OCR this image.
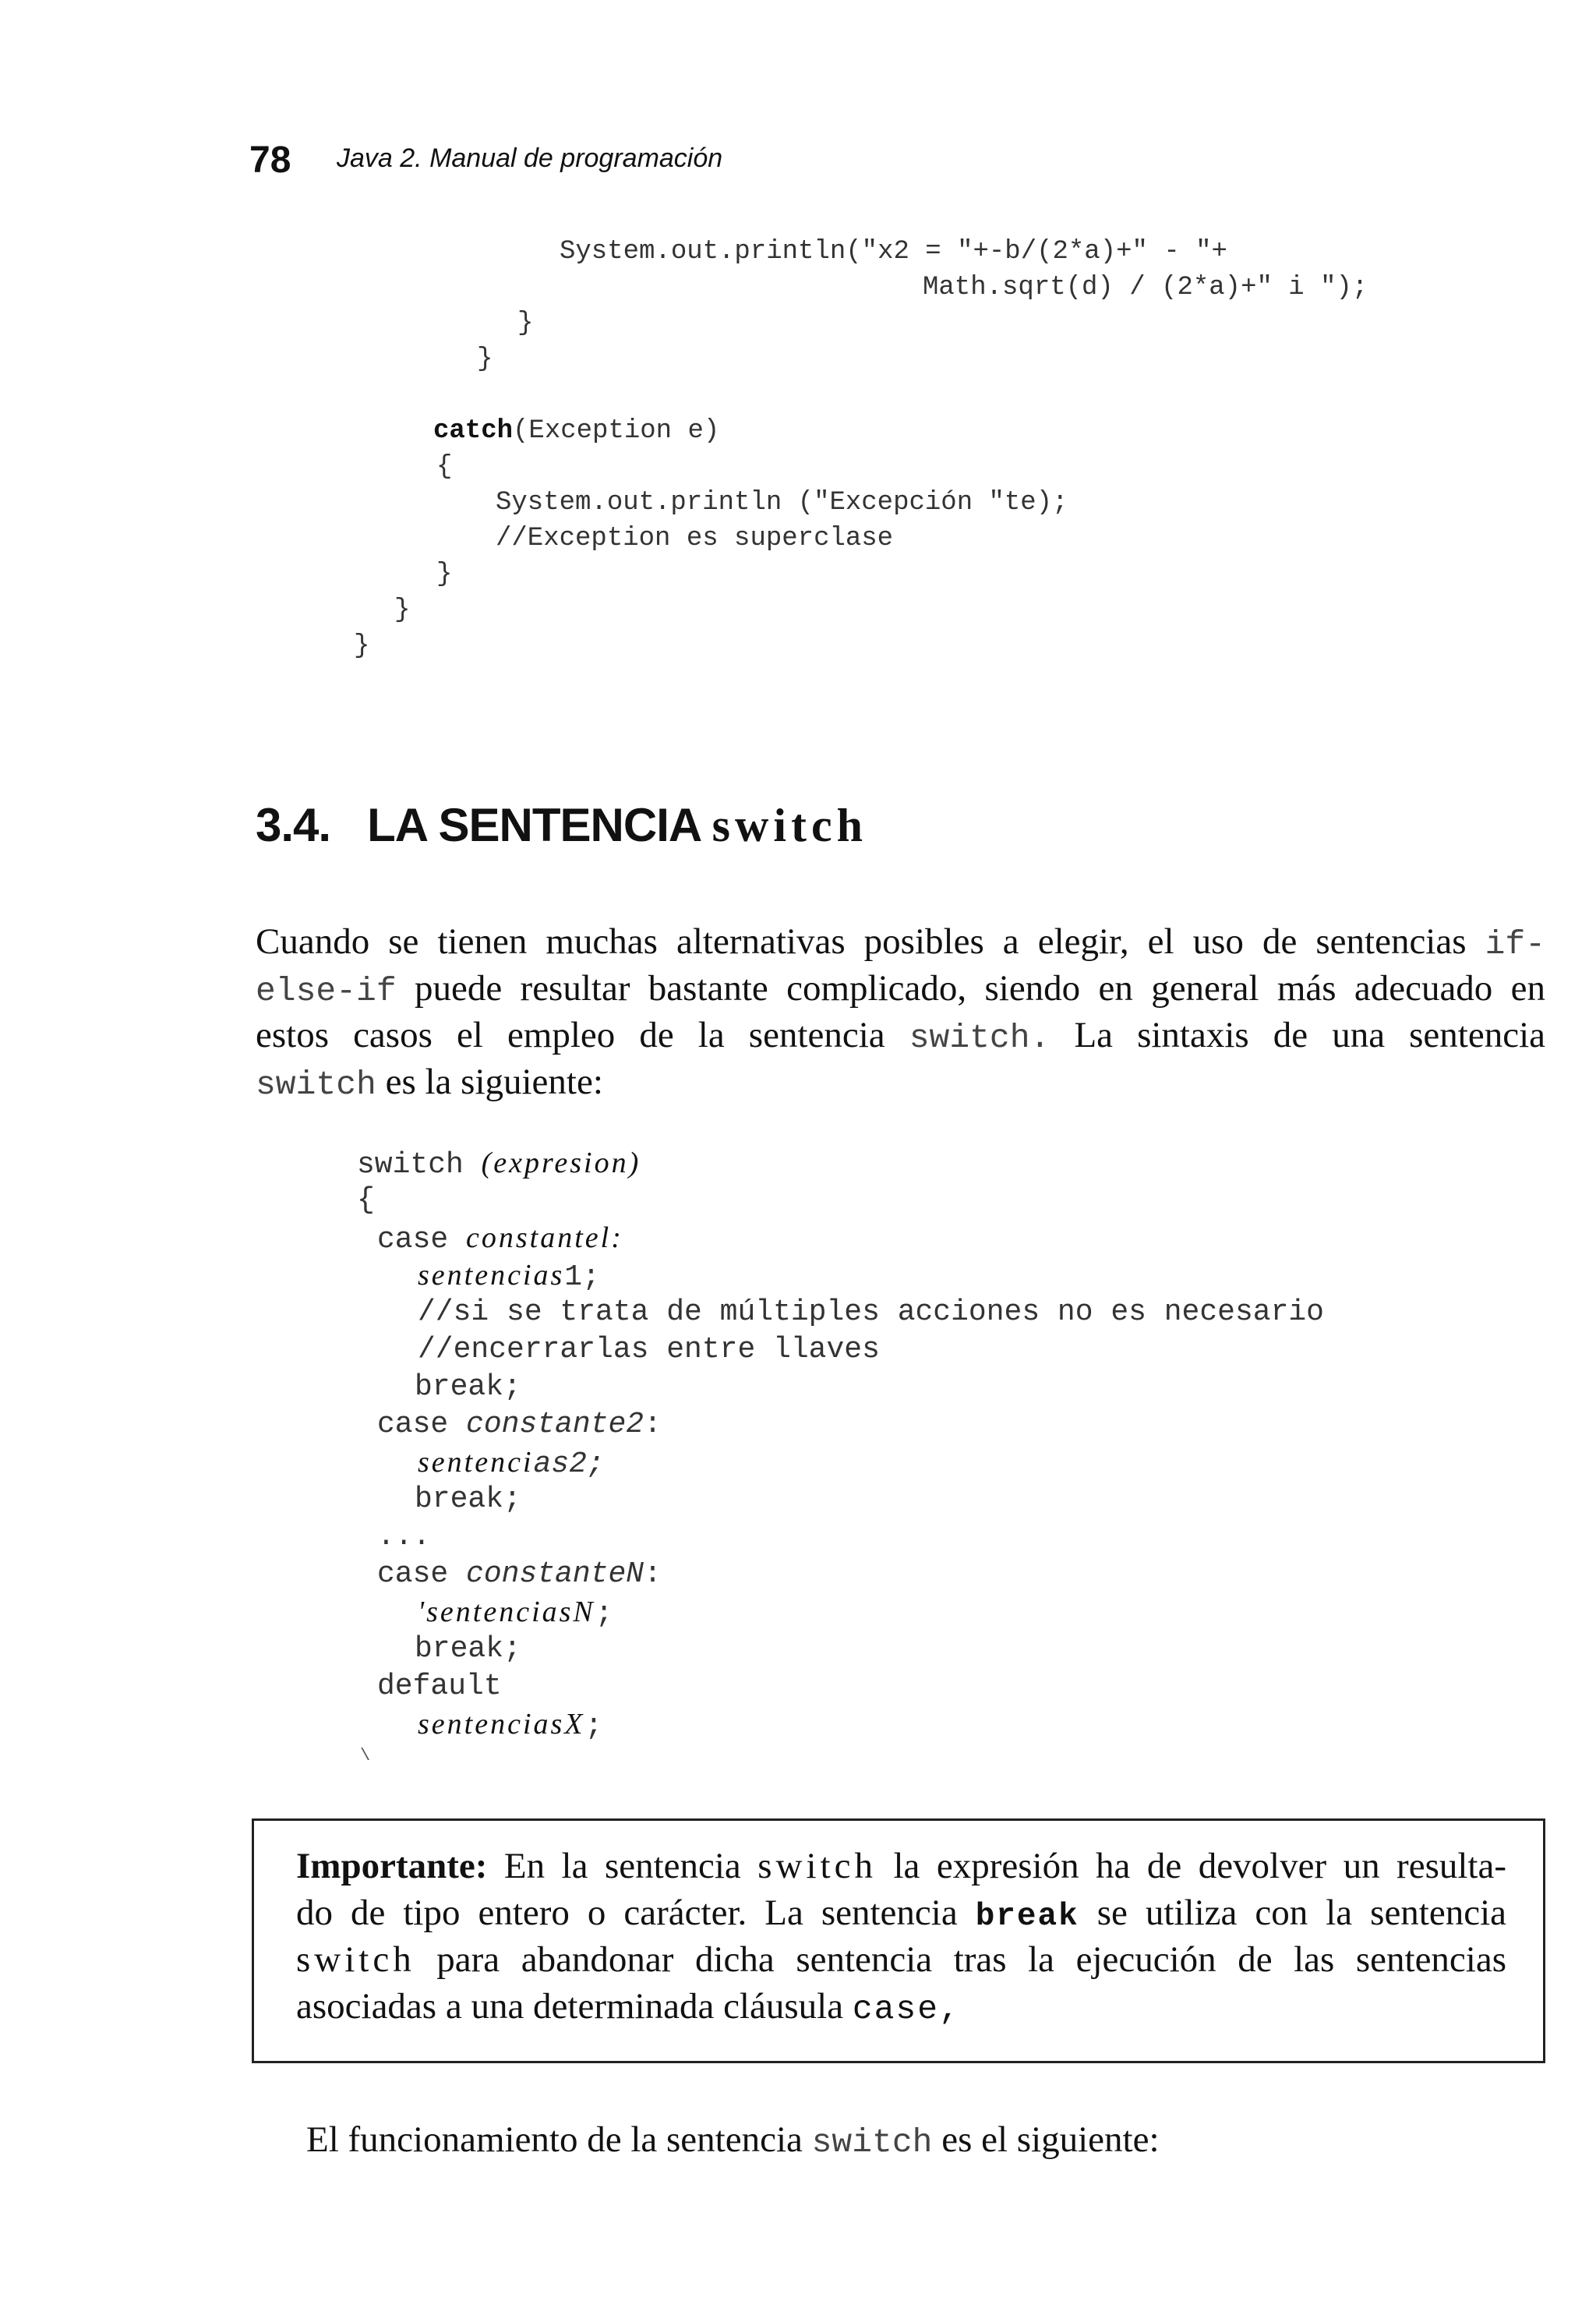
78 Java 2. Manual de programación
System.out.println("x2 = "+-b/(2*a)+" - "+
Math.sqrt(d) / (2*a)+" i ");
}
}
catch(Exception e)
{
System.out.println ("Excepción "te);
//Exception es superclase
}
}
}
3.4. LA SENTENCIA switch
Cuando se tienen muchas alternativas posibles a elegir, el uso de sentencias if-
else-if puede resultar bastante complicado, siendo en general más adecuado en
estos casos el empleo de la sentencia switch. La sintaxis de una sentencia
switch es la siguiente:
switch (expresion)
{
case constantel:
sentencias1;
//si se trata de múltiples acciones no es necesario
//encerrarlas entre llaves
break;
case constante2:
sentencias2;
break;
...
case constanteN:
'sentenciasN;
break;
default
sentenciasX;
\
Importante: En la sentencia switch la expresión ha de devolver un resulta-
do de tipo entero o carácter. La sentencia break se utiliza con la sentencia
switch para abandonar dicha sentencia tras la ejecución de las sentencias
asociadas a una determinada cláusula case,
El funcionamiento de la sentencia switch es el siguiente:
